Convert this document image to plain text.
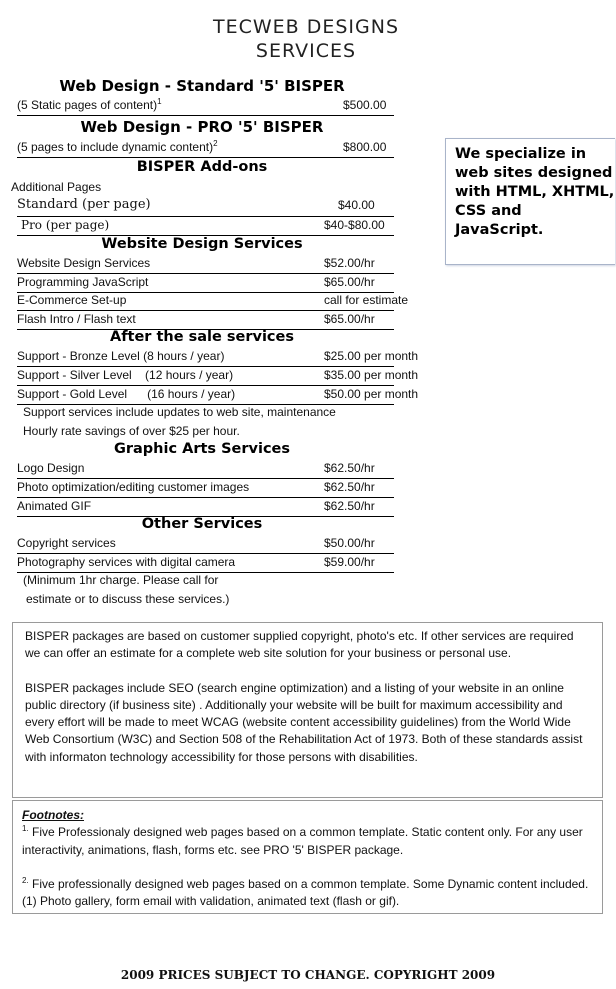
TECWEB DESIGNS
SERVICES
Web Design - Standard '5' BISPER
(5 Static pages of content)$^1$	$500.00
Web Design - PRO '5' BISPER
(5 pages to include dynamic content)$^2$	$800.00
BISPER Add-ons
Additional Pages
Standard (per page)	$40.00
Pro (per page)	$40-$80.00
Website Design Services
Website Design Services	$52.00/hr
Programming JavaScript	$65.00/hr
E-Commerce Set-up	call for estimate
Flash Intro / Flash text	$65.00/hr
After the sale services
Support - Bronze Level (8 hours / year)	$25.00 per month
Support - Silver Level    (12 hours / year)	$35.00 per month
Support - Gold Level      (16 hours / year)	$50.00 per month
Support services include updates to web site, maintenance
Hourly rate savings of over $25 per hour.
Graphic Arts Services
Logo Design	$62.50/hr
Photo optimization/editing customer images	$62.50/hr
Animated GIF	$62.50/hr
Other Services
Copyright services	$50.00/hr
Photography services with digital camera	$59.00/hr
(Minimum 1hr charge. Please call for
estimate or to discuss these services.)
We specialize in web sites designed with HTML, XHTML, CSS and JavaScript.

BISPER packages are based on customer supplied copyright, photo's etc. If other services are required we can offer an estimate for a complete web site solution for your business or personal use.

BISPER packages include SEO (search engine optimization) and a listing of your website in an online public directory (if business site) . Additionally your website will be built for maximum accessibility and every effort will be made to meet WCAG (website content accessibility guidelines) from the World Wide Web Consortium (W3C) and Section 508 of the Rehabilitation Act of 1973. Both of these standards assist with informaton technology accessibility for those persons with disabilities.

Footnotes:

$^{1.}$ Five Professionaly designed web pages based on a common template. Static content only. For any user interactivity, animations, flash, forms etc. see PRO '5' BISPER package.

$^{2.}$ Five professionally designed web pages based on a common template. Some Dynamic content included. (1) Photo gallery, form email with validation, animated text (flash or gif).

2009 PRICES SUBJECT TO CHANGE. COPYRIGHT 2009
